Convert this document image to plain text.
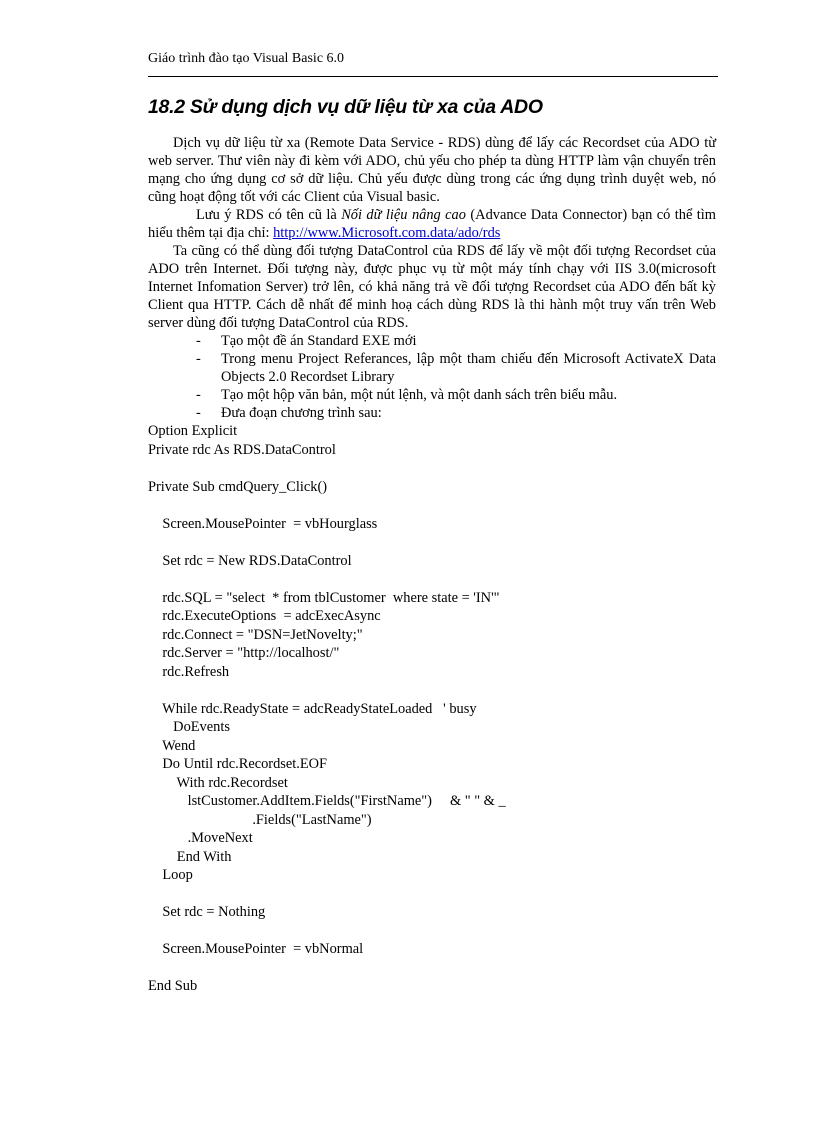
Giáo trình đào tạo Visual Basic 6.0
18.2 Sử dụng dịch vụ dữ liệu từ xa của ADO

Dịch vụ dữ liệu từ xa (Remote Data Service - RDS) dùng để lấy các Recordset của ADO từ web server. Thư viên này đi kèm với ADO, chủ yếu cho phép ta dùng HTTP làm vận chuyển trên mạng cho ứng dụng cơ sở dữ liệu. Chủ yếu được dùng trong các ứng dụng trình duyệt web, nó cũng hoạt động tốt với các Client của Visual basic.

Lưu ý RDS có tên cũ là Nối dữ liệu nâng cao (Advance Data Connector) bạn có thể tìm hiểu thêm tại địa chỉ: http://www.Microsoft.com.data/ado/rds

Ta cũng có thể dùng đối tượng DataControl của RDS để lấy về một đối tượng Recordset của ADO trên Internet. Đối tượng này, được phục vụ từ một máy tính chạy với IIS 3.0(microsoft Internet Infomation Server) trở lên, có khả năng trả về đối tượng Recordset của ADO đến bất kỳ Client qua HTTP. Cách dễ nhất để minh hoạ cách dùng RDS là thi hành một truy vấn trên Web server dùng đối tượng DataControl của RDS.

- Tạo một đề án Standard EXE mới
- Trong menu Project Referances, lập một tham chiếu đến Microsoft ActivateX Data Objects 2.0 Recordset Library
- Tạo một hộp văn bản, một nút lệnh, và một danh sách trên biểu mẫu.
- Đưa đoạn chương trình sau:
Option Explicit
Private rdc As RDS.DataControl

Private Sub cmdQuery_Click()

Screen.MousePointer  = vbHourglass

Set rdc = New RDS.DataControl

rdc.SQL = "select  * from tblCustomer  where state = 'IN'"
rdc.ExecuteOptions  = adcExecAsync
rdc.Connect = "DSN=JetNovelty;"
rdc.Server = "http://localhost/"
rdc.Refresh

While rdc.ReadyState = adcReadyStateLoaded   ' busy
DoEvents
Wend
Do Until rdc.Recordset.EOF
With rdc.Recordset
lstCustomer.AddItem.Fields("FirstName")     & " " & _
.Fields("LastName")
.MoveNext
End With
Loop

Set rdc = Nothing

Screen.MousePointer  = vbNormal

End Sub
